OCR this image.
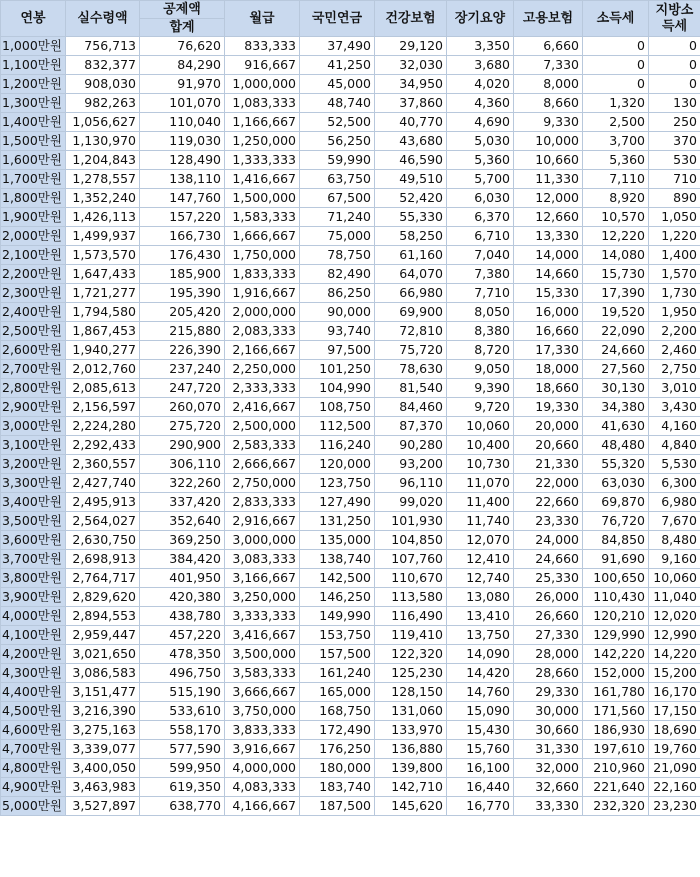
연봉	실수령액	공제액	월급	국민연금	건강보험	장기요양	고용보험	소득세	지방소득세
		합계							
1,000만원	756,713	76,620	833,333	37,490	29,120	3,350	6,660	0	0
1,100만원	832,377	84,290	916,667	41,250	32,030	3,680	7,330	0	0
1,200만원	908,030	91,970	1,000,000	45,000	34,950	4,020	8,000	0	0
1,300만원	982,263	101,070	1,083,333	48,740	37,860	4,360	8,660	1,320	130
1,400만원	1,056,627	110,040	1,166,667	52,500	40,770	4,690	9,330	2,500	250
1,500만원	1,130,970	119,030	1,250,000	56,250	43,680	5,030	10,000	3,700	370
1,600만원	1,204,843	128,490	1,333,333	59,990	46,590	5,360	10,660	5,360	530
1,700만원	1,278,557	138,110	1,416,667	63,750	49,510	5,700	11,330	7,110	710
1,800만원	1,352,240	147,760	1,500,000	67,500	52,420	6,030	12,000	8,920	890
1,900만원	1,426,113	157,220	1,583,333	71,240	55,330	6,370	12,660	10,570	1,050
2,000만원	1,499,937	166,730	1,666,667	75,000	58,250	6,710	13,330	12,220	1,220
2,100만원	1,573,570	176,430	1,750,000	78,750	61,160	7,040	14,000	14,080	1,400
2,200만원	1,647,433	185,900	1,833,333	82,490	64,070	7,380	14,660	15,730	1,570
2,300만원	1,721,277	195,390	1,916,667	86,250	66,980	7,710	15,330	17,390	1,730
2,400만원	1,794,580	205,420	2,000,000	90,000	69,900	8,050	16,000	19,520	1,950
2,500만원	1,867,453	215,880	2,083,333	93,740	72,810	8,380	16,660	22,090	2,200
2,600만원	1,940,277	226,390	2,166,667	97,500	75,720	8,720	17,330	24,660	2,460
2,700만원	2,012,760	237,240	2,250,000	101,250	78,630	9,050	18,000	27,560	2,750
2,800만원	2,085,613	247,720	2,333,333	104,990	81,540	9,390	18,660	30,130	3,010
2,900만원	2,156,597	260,070	2,416,667	108,750	84,460	9,720	19,330	34,380	3,430
3,000만원	2,224,280	275,720	2,500,000	112,500	87,370	10,060	20,000	41,630	4,160
3,100만원	2,292,433	290,900	2,583,333	116,240	90,280	10,400	20,660	48,480	4,840
3,200만원	2,360,557	306,110	2,666,667	120,000	93,200	10,730	21,330	55,320	5,530
3,300만원	2,427,740	322,260	2,750,000	123,750	96,110	11,070	22,000	63,030	6,300
3,400만원	2,495,913	337,420	2,833,333	127,490	99,020	11,400	22,660	69,870	6,980
3,500만원	2,564,027	352,640	2,916,667	131,250	101,930	11,740	23,330	76,720	7,670
3,600만원	2,630,750	369,250	3,000,000	135,000	104,850	12,070	24,000	84,850	8,480
3,700만원	2,698,913	384,420	3,083,333	138,740	107,760	12,410	24,660	91,690	9,160
3,800만원	2,764,717	401,950	3,166,667	142,500	110,670	12,740	25,330	100,650	10,060
3,900만원	2,829,620	420,380	3,250,000	146,250	113,580	13,080	26,000	110,430	11,040
4,000만원	2,894,553	438,780	3,333,333	149,990	116,490	13,410	26,660	120,210	12,020
4,100만원	2,959,447	457,220	3,416,667	153,750	119,410	13,750	27,330	129,990	12,990
4,200만원	3,021,650	478,350	3,500,000	157,500	122,320	14,090	28,000	142,220	14,220
4,300만원	3,086,583	496,750	3,583,333	161,240	125,230	14,420	28,660	152,000	15,200
4,400만원	3,151,477	515,190	3,666,667	165,000	128,150	14,760	29,330	161,780	16,170
4,500만원	3,216,390	533,610	3,750,000	168,750	131,060	15,090	30,000	171,560	17,150
4,600만원	3,275,163	558,170	3,833,333	172,490	133,970	15,430	30,660	186,930	18,690
4,700만원	3,339,077	577,590	3,916,667	176,250	136,880	15,760	31,330	197,610	19,760
4,800만원	3,400,050	599,950	4,000,000	180,000	139,800	16,100	32,000	210,960	21,090
4,900만원	3,463,983	619,350	4,083,333	183,740	142,710	16,440	32,660	221,640	22,160
5,000만원	3,527,897	638,770	4,166,667	187,500	145,620	16,770	33,330	232,320	23,230
